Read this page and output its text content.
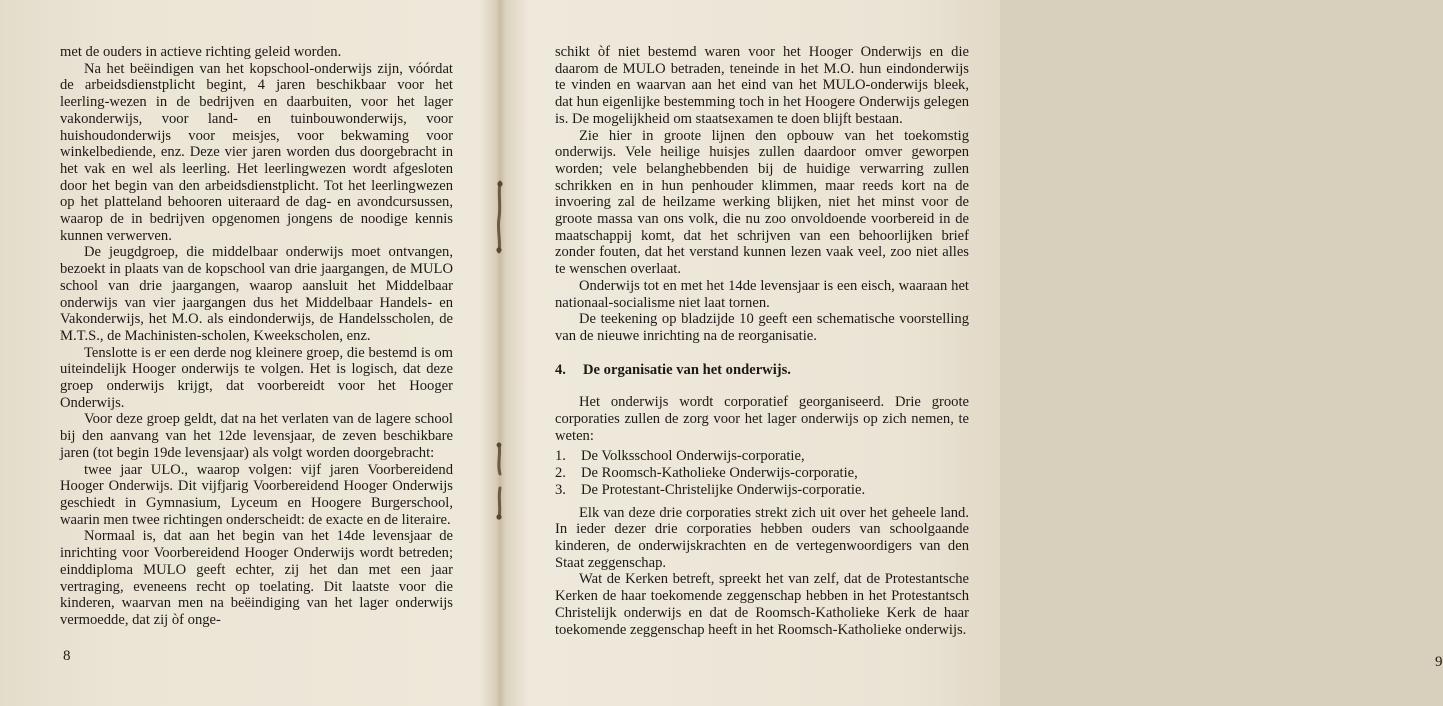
met de ouders in actieve richting geleid worden.

Na het beëindigen van het kopschool-onderwijs zijn, vóórdat de arbeidsdienstplicht begint, 4 jaren beschikbaar voor het leerling-wezen in de bedrijven en daarbuiten, voor het lager vakonderwijs, voor land- en tuinbouwonderwijs, voor huishoudonderwijs voor meisjes, voor bekwaming voor winkelbediende, enz. Deze vier jaren worden dus doorgebracht in het vak en wel als leerling. Het leerlingwezen wordt afgesloten door het begin van den arbeidsdienstplicht. Tot het leerlingwezen op het platteland behooren uiteraard de dag- en avondcursussen, waarop de in bedrijven opgenomen jongens de noodige kennis kunnen verwerven.

De jeugdgroep, die middelbaar onderwijs moet ontvangen, bezoekt in plaats van de kopschool van drie jaargangen, de MULO school van drie jaargangen, waarop aansluit het Middelbaar onderwijs van vier jaargangen dus het Middelbaar Handels- en Vakonderwijs, het M.O. als eindonderwijs, de Handelsscholen, de M.T.S., de Machinisten-scholen, Kweekscholen, enz.

Tenslotte is er een derde nog kleinere groep, die bestemd is om uiteindelijk Hooger onderwijs te volgen. Het is logisch, dat deze groep onderwijs krijgt, dat voorbereidt voor het Hooger Onderwijs.

Voor deze groep geldt, dat na het verlaten van de lagere school bij den aanvang van het 12de levensjaar, de zeven beschikbare jaren (tot begin 19de levensjaar) als volgt worden doorgebracht:

twee jaar ULO., waarop volgen: vijf jaren Voorbereidend Hooger Onderwijs. Dit vijfjarig Voorbereidend Hooger Onderwijs geschiedt in Gymnasium, Lyceum en Hoogere Burgerschool, waarin men twee richtingen onderscheidt: de exacte en de literaire.

Normaal is, dat aan het begin van het 14de levensjaar de inrichting voor Voorbereidend Hooger Onderwijs wordt betreden; einddiploma MULO geeft echter, zij het dan met een jaar vertraging, eveneens recht op toelating. Dit laatste voor die kinderen, waarvan men na beëindiging van het lager onderwijs vermoedde, dat zij òf onge-

8

schikt òf niet bestemd waren voor het Hooger Onderwijs en die daarom de MULO betraden, teneinde in het M.O. hun eindonderwijs te vinden en waarvan aan het eind van het MULO-onderwijs bleek, dat hun eigenlijke bestemming toch in het Hoogere Onderwijs gelegen is. De mogelijkheid om staatsexamen te doen blijft bestaan.

Zie hier in groote lijnen den opbouw van het toekomstig onderwijs. Vele heilige huisjes zullen daardoor omver geworpen worden; vele belanghebbenden bij de huidige verwarring zullen schrikken en in hun penhouder klimmen, maar reeds kort na de invoering zal de heilzame werking blijken, niet het minst voor de groote massa van ons volk, die nu zoo onvoldoende voorbereid in de maatschappij komt, dat het schrijven van een behoorlijken brief zonder fouten, dat het verstand kunnen lezen vaak veel, zoo niet alles te wenschen overlaat.

Onderwijs tot en met het 14de levensjaar is een eisch, waaraan het nationaal-socialisme niet laat tornen.

De teekening op bladzijde 10 geeft een schematische voorstelling van de nieuwe inrichting na de reorganisatie.

4.	De organisatie van het onderwijs.

Het onderwijs wordt corporatief georganiseerd. Drie groote corporaties zullen de zorg voor het lager onderwijs op zich nemen, te weten:

1.	De Volksschool Onderwijs-corporatie,
2.	De Roomsch-Katholieke Onderwijs-corporatie,
3.	De Protestant-Christelijke Onderwijs-corporatie.

Elk van deze drie corporaties strekt zich uit over het geheele land. In ieder dezer drie corporaties hebben ouders van schoolgaande kinderen, de onderwijskrachten en de vertegenwoordigers van den Staat zeggenschap.

Wat de Kerken betreft, spreekt het van zelf, dat de Protestantsche Kerken de haar toekomende zeggenschap hebben in het Protestantsch Christelijk onderwijs en dat de Roomsch-Katholieke Kerk de haar toekomende zeggenschap heeft in het Roomsch-Katholieke onderwijs.

9
